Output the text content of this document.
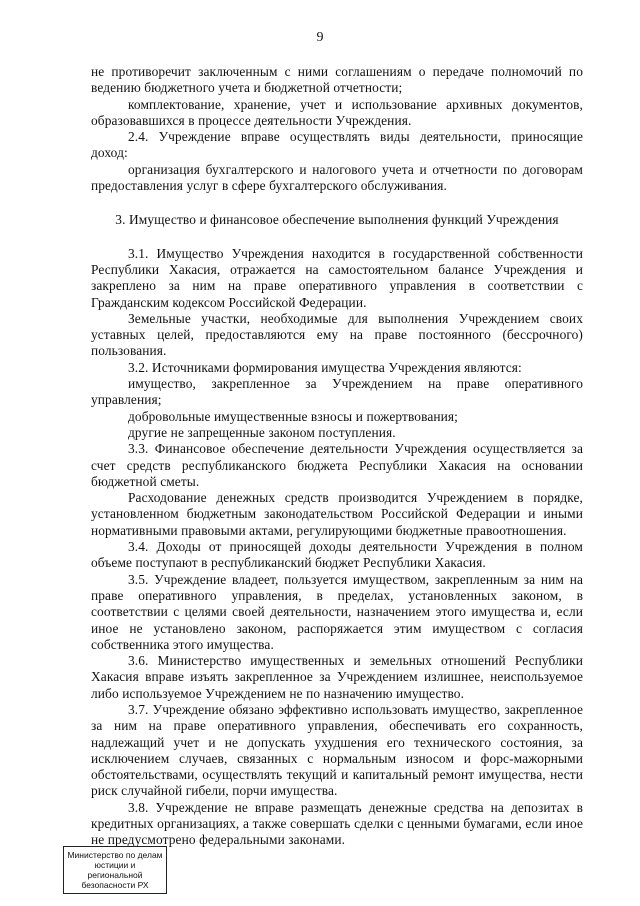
9

не противоречит заключенным с ними соглашениям о передаче полномочий по ведению бюджетного учета и бюджетной отчетности;

комплектование, хранение, учет и использование архивных документов, образовавшихся в процессе деятельности Учреждения.

2.4. Учреждение вправе осуществлять виды деятельности, приносящие доход:

организация бухгалтерского и налогового учета и отчетности по договорам предоставления услуг в сфере бухгалтерского обслуживания.

3. Имущество и финансовое обеспечение выполнения функций Учреждения

3.1. Имущество Учреждения находится в государственной собственности Республики Хакасия, отражается на самостоятельном балансе Учреждения и закреплено за ним на праве оперативного управления в соответствии с Гражданским кодексом Российской Федерации.

Земельные участки, необходимые для выполнения Учреждением своих уставных целей, предоставляются ему на праве постоянного (бессрочного) пользования.

3.2. Источниками формирования имущества Учреждения являются:

имущество, закрепленное за Учреждением на праве оперативного управления;

добровольные имущественные взносы и пожертвования;

другие не запрещенные законом поступления.

3.3. Финансовое обеспечение деятельности Учреждения осуществляется за счет средств республиканского бюджета Республики Хакасия на основании бюджетной сметы.

Расходование денежных средств производится Учреждением в порядке, установленном бюджетным законодательством Российской Федерации и иными нормативными правовыми актами, регулирующими бюджетные правоотношения.

3.4. Доходы от приносящей доходы деятельности Учреждения в полном объеме поступают в республиканский бюджет Республики Хакасия.

3.5. Учреждение владеет, пользуется имуществом, закрепленным за ним на праве оперативного управления, в пределах, установленных законом, в соответствии с целями своей деятельности, назначением этого имущества и, если иное не установлено законом, распоряжается этим имуществом с согласия собственника этого имущества.

3.6. Министерство имущественных и земельных отношений Республики Хакасия вправе изъять закрепленное за Учреждением излишнее, неиспользуемое либо используемое Учреждением не по назначению имущество.

3.7. Учреждение обязано эффективно использовать имущество, закрепленное за ним на праве оперативного управления, обеспечивать его сохранность, надлежащий учет и не допускать ухудшения его технического состояния, за исключением случаев, связанных с нормальным износом и форс-мажорными обстоятельствами, осуществлять текущий и капитальный ремонт имущества, нести риск случайной гибели, порчи имущества.

3.8. Учреждение не вправе размещать денежные средства на депозитах в кредитных организациях, а также совершать сделки с ценными бумагами, если иное не предусмотрено федеральными законами.

Министерство по делам
юстиции и региональной
безопасности РХ
